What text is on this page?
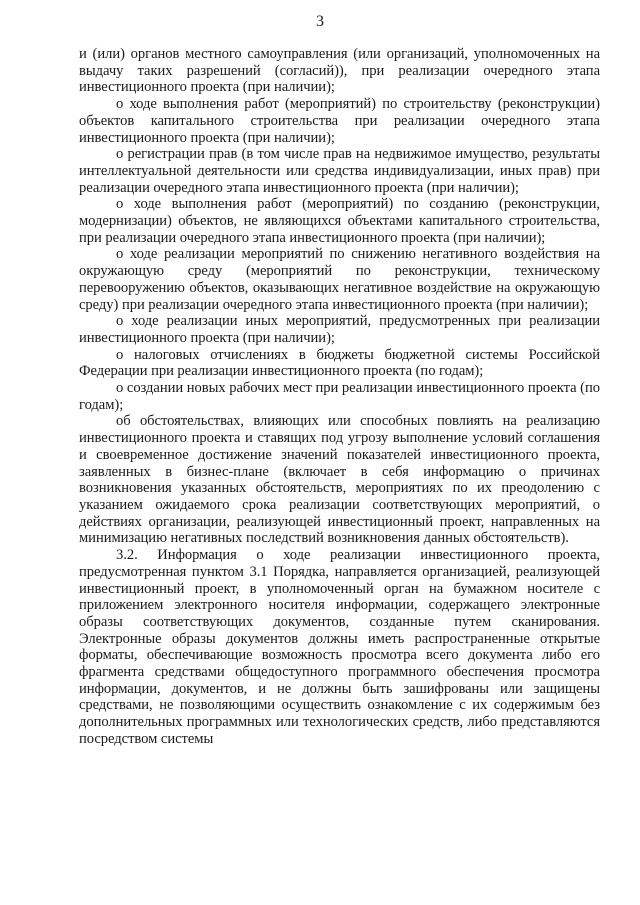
3

и (или) органов местного самоуправления (или организаций, уполномоченных на выдачу таких разрешений (согласий)), при реализации очередного этапа инвестиционного проекта (при наличии);

о ходе выполнения работ (мероприятий) по строительству (реконструкции) объектов капитального строительства при реализации очередного этапа инвестиционного проекта (при наличии);

о регистрации прав (в том числе прав на недвижимое имущество, результаты интеллектуальной деятельности или средства индивидуализации, иных прав) при реализации очередного этапа инвестиционного проекта (при наличии);

о ходе выполнения работ (мероприятий) по созданию (реконструкции, модернизации) объектов, не являющихся объектами капитального строительства, при реализации очередного этапа инвестиционного проекта (при наличии);

о ходе реализации мероприятий по снижению негативного воздействия на окружающую среду (мероприятий по реконструкции, техническому перевооружению объектов, оказывающих негативное воздействие на окружающую среду) при реализации очередного этапа инвестиционного проекта (при наличии);

о ходе реализации иных мероприятий, предусмотренных при реализации инвестиционного проекта (при наличии);

о налоговых отчислениях в бюджеты бюджетной системы Российской Федерации при реализации инвестиционного проекта (по годам);

о создании новых рабочих мест при реализации инвестиционного проекта (по годам);

об обстоятельствах, влияющих или способных повлиять на реализацию инвестиционного проекта и ставящих под угрозу выполнение условий соглашения и своевременное достижение значений показателей инвестиционного проекта, заявленных в бизнес-плане (включает в себя информацию о причинах возникновения указанных обстоятельств, мероприятиях по их преодолению с указанием ожидаемого срока реализации соответствующих мероприятий, о действиях организации, реализующей инвестиционный проект, направленных на минимизацию негативных последствий возникновения данных обстоятельств).

3.2. Информация о ходе реализации инвестиционного проекта, предусмотренная пунктом 3.1 Порядка, направляется организацией, реализующей инвестиционный проект, в уполномоченный орган на бумажном носителе с приложением электронного носителя информации, содержащего электронные образы соответствующих документов, созданные путем сканирования. Электронные образы документов должны иметь распространенные открытые форматы, обеспечивающие возможность просмотра всего документа либо его фрагмента средствами общедоступного программного обеспечения просмотра информации, документов, и не должны быть зашифрованы или защищены средствами, не позволяющими осуществить ознакомление с их содержимым без дополнительных программных или технологических средств, либо представляются посредством системы
